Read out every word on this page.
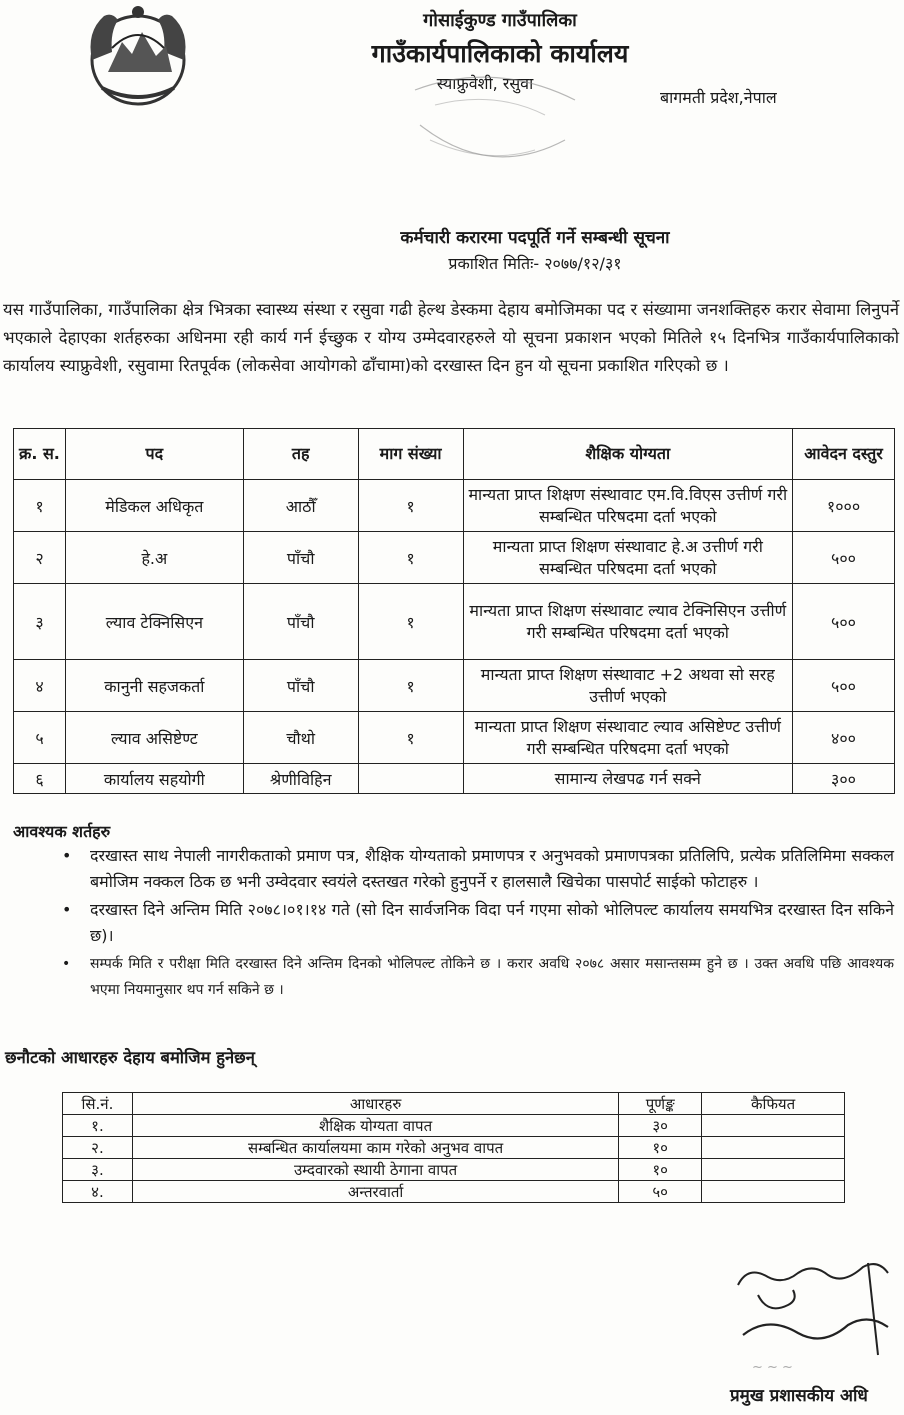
गोसाईकुण्ड गाउँपालिका
गाउँकार्यपालिकाको कार्यालय
स्याफ्रुवेशी, रसुवा
बागमती प्रदेश,नेपाल
कर्मचारी करारमा पदपूर्ति गर्ने सम्बन्धी सूचना
प्रकाशित मितिः- २०७७/१२/३१
यस गाउँपालिका, गाउँपालिका क्षेत्र भित्रका स्वास्थ्य संस्था र रसुवा गढी हेल्थ डेस्कमा देहाय बमोजिमका पद र संख्यामा जनशक्तिहरु करार सेवामा लिनुपर्ने भएकाले देहाएका शर्तहरुका अधिनमा रही कार्य गर्न ईच्छुक र योग्य उम्मेदवारहरुले यो सूचना प्रकाशन भएको मितिले १५ दिनभित्र गाउँकार्यपालिकाको कार्यालय स्याफ्रुवेशी, रसुवामा रितपूर्वक (लोकसेवा आयोगको ढाँचामा)को दरखास्त दिन हुन यो सूचना प्रकाशित गरिएको छ ।
क्र. स.	पद	तह	माग संख्या	शैक्षिक योग्यता	आवेदन दस्तुर
१	मेडिकल अधिकृत	आठौँ	१	मान्यता प्राप्त शिक्षण संस्थावाट एम.वि.विएस उत्तीर्ण गरी सम्बन्धित परिषदमा दर्ता भएको	१०००
२	हे.अ	पाँचौ	१	मान्यता प्राप्त शिक्षण संस्थावाट हे.अ उत्तीर्ण गरी सम्बन्धित परिषदमा दर्ता भएको	५००
३	ल्याव टेक्निसिएन	पाँचौ	१	मान्यता प्राप्त शिक्षण संस्थावाट ल्याव टेक्निसिएन उत्तीर्ण गरी सम्बन्धित परिषदमा दर्ता भएको	५००
४	कानुनी सहजकर्ता	पाँचौ	१	मान्यता प्राप्त शिक्षण संस्थावाट +2 अथवा सो सरह उत्तीर्ण भएको	५००
५	ल्याव असिष्टेण्ट	चौथो	१	मान्यता प्राप्त शिक्षण संस्थावाट ल्याव असिष्टेण्ट उत्तीर्ण गरी सम्बन्धित परिषदमा दर्ता भएको	४००
६	कार्यालय सहयोगी	श्रेणीविहिन		सामान्य लेखपढ गर्न सक्ने	३००
आवश्यक शर्तहरु
• दरखास्त साथ नेपाली नागरीकताको प्रमाण पत्र, शैक्षिक योग्यताको प्रमाणपत्र र अनुभवको प्रमाणपत्रका प्रतिलिपि, प्रत्येक प्रतिलिमिमा सक्कल बमोजिम नक्कल ठिक छ भनी उम्वेदवार स्वयंले दस्तखत गरेको हुनुपर्ने र हालसालै खिचेका पासपोर्ट साईको फोटाहरु ।
• दरखास्त दिने अन्तिम मिति २०७८।०१।१४ गते (सो दिन सार्वजनिक विदा पर्न गएमा सोको भोलिपल्ट कार्यालय समयभित्र दरखास्त दिन सकिने छ)।
• सम्पर्क मिति र परीक्षा मिति दरखास्त दिने अन्तिम दिनको भोलिपल्ट तोकिने छ । करार अवधि २०७८ असार मसान्तसम्म हुने छ । उक्त अवधि पछि आवश्यक भएमा नियमानुसार थप गर्न सकिने छ ।
छनौटको आधारहरु देहाय बमोजिम हुनेछन्
सि.नं.	आधारहरु	पूर्णङ्क	कैफियत
१.	शैक्षिक योग्यता वापत	३०	
२.	सम्बन्धित कार्यालयमा काम गरेको अनुभव वापत	१०	
३.	उम्दवारको स्थायी ठेगाना वापत	१०	
४.	अन्तरवार्ता	५०	
~ ~ ~
प्रमुख प्रशासकीय अधि
